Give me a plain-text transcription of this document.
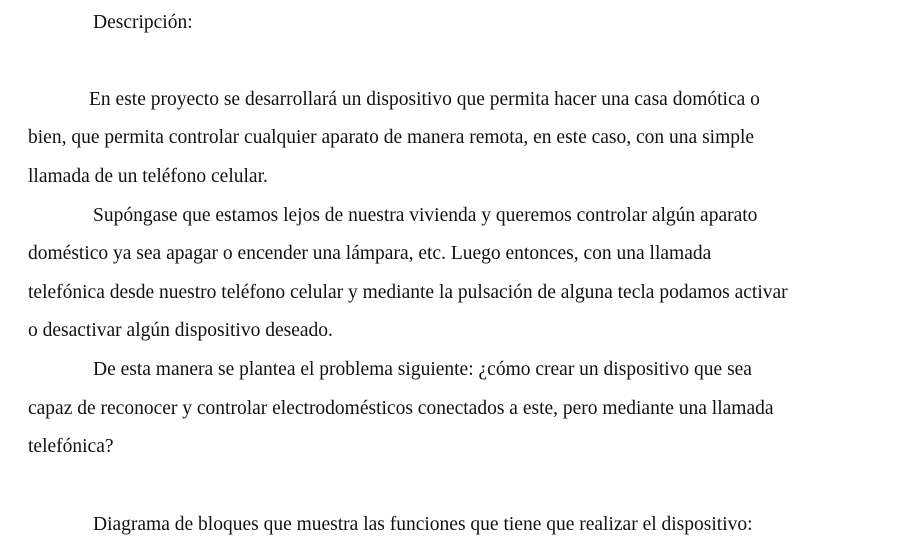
Descripción:
En este proyecto se desarrollará un dispositivo que permita hacer una casa domótica o
bien, que permita controlar cualquier aparato de manera remota, en este caso, con una simple
llamada de un teléfono celular.
Supóngase que estamos lejos de nuestra vivienda y queremos controlar algún aparato
doméstico ya sea apagar o encender una lámpara, etc. Luego entonces, con una llamada
telefónica desde nuestro teléfono celular y mediante la pulsación de alguna tecla podamos activar
o desactivar algún dispositivo deseado.
De esta manera se plantea el problema siguiente: ¿cómo crear un dispositivo que sea
capaz de reconocer y controlar electrodomésticos conectados a este, pero mediante una llamada
telefónica?
Diagrama de bloques que muestra las funciones que tiene que realizar el dispositivo:
